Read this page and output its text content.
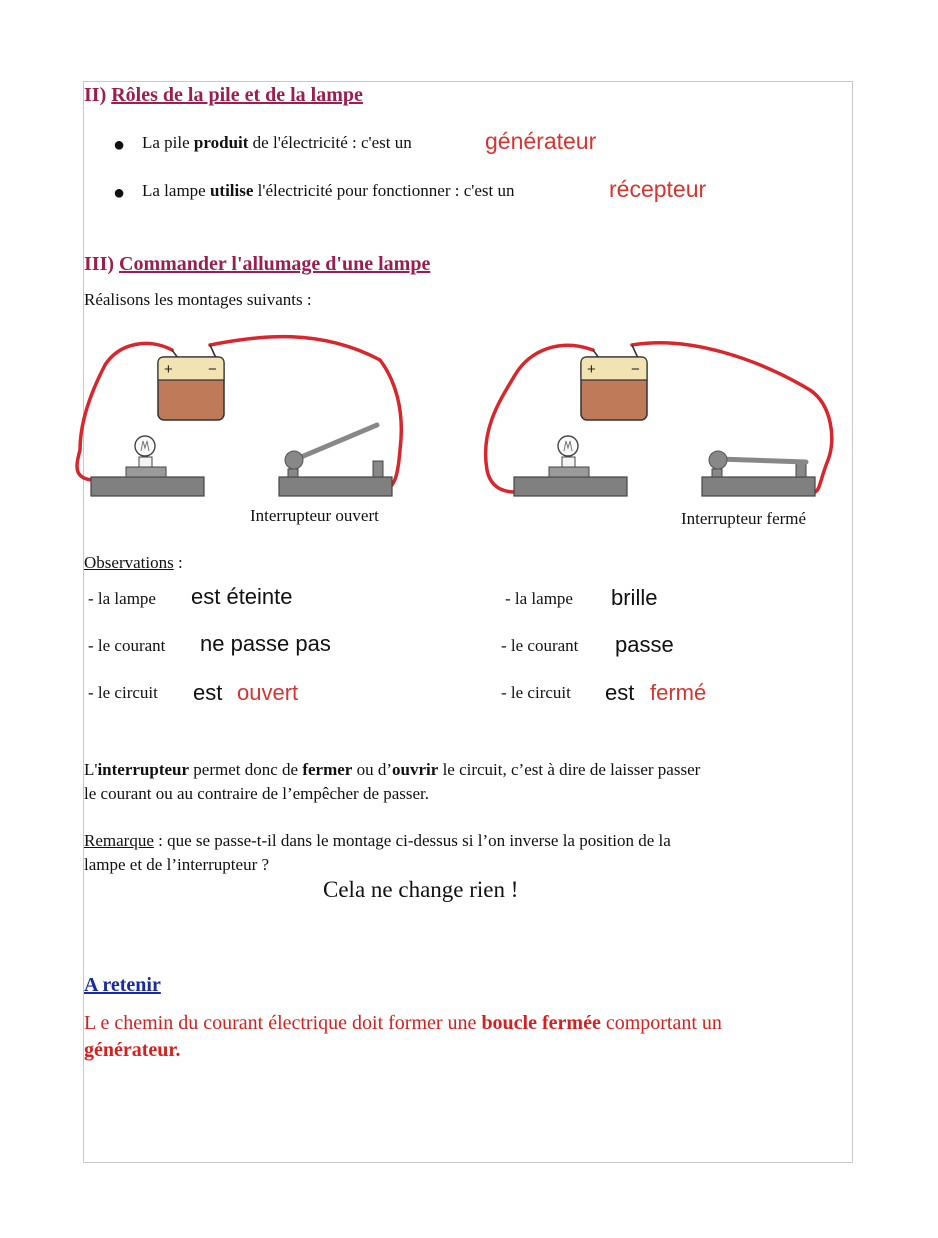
II) Rôles de la pile et de la lampe
● La pile produit de l'électricité : c'est un	générateur
● La lampe utilise l'électricité pour fonctionner : c'est un	récepteur
III) Commander l'allumage d'une lampe
Réalisons les montages suivants :
+ −
Interrupteur ouvert
+ −
Interrupteur fermé
Observations :
- la lampe est éteinte
- le courant ne passe pas
- le circuit est ouvert
- la lampe brille
- le courant passe
- le circuit est fermé
L'interrupteur permet donc de fermer ou d’ouvrir le circuit, c’est à dire de laisser passer
le courant ou au contraire de l’empêcher de passer.
Remarque : que se passe-t-il dans le montage ci-dessus si l’on inverse la position de la
lampe et de l’interrupteur ?
Cela ne change rien !
A retenir
L e chemin du courant électrique doit former une boucle fermée comportant un
générateur.
